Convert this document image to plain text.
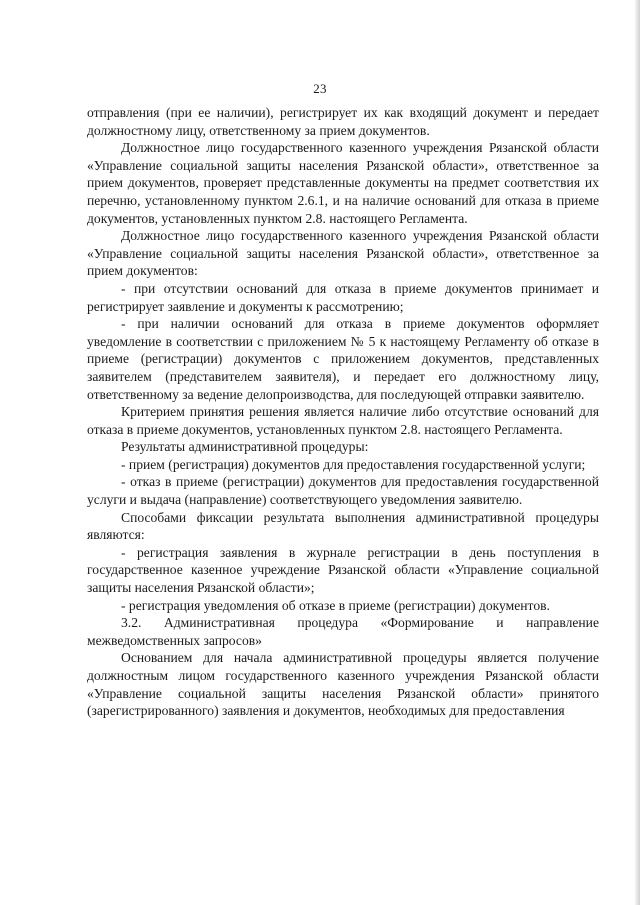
23

отправления (при ее наличии), регистрирует их как входящий документ и передает должностному лицу, ответственному за прием документов.

Должностное лицо государственного казенного учреждения Рязанской области «Управление социальной защиты населения Рязанской области», ответственное за прием документов, проверяет представленные документы на предмет соответствия их перечню, установленному пунктом 2.6.1, и на наличие оснований для отказа в приеме документов, установленных пунктом 2.8. настоящего Регламента.

Должностное лицо государственного казенного учреждения Рязанской области «Управление социальной защиты населения Рязанской области», ответственное за прием документов:

- при отсутствии оснований для отказа в приеме документов принимает и регистрирует заявление и документы к рассмотрению;

- при наличии оснований для отказа в приеме документов оформляет уведомление в соответствии с приложением № 5 к настоящему Регламенту об отказе в приеме (регистрации) документов с приложением документов, представленных заявителем (представителем заявителя), и передает его должностному лицу, ответственному за ведение делопроизводства, для последующей отправки заявителю.

Критерием принятия решения является наличие либо отсутствие оснований для отказа в приеме документов, установленных пунктом 2.8. настоящего Регламента.

Результаты административной процедуры:

- прием (регистрация) документов для предоставления государственной услуги;

- отказ в приеме (регистрации) документов для предоставления государственной услуги и выдача (направление) соответствующего уведомления заявителю.

Способами фиксации результата выполнения административной процедуры являются:

- регистрация заявления в журнале регистрации в день поступления в государственное казенное учреждение Рязанской области «Управление социальной защиты населения Рязанской области»;

- регистрация уведомления об отказе в приеме (регистрации) документов.

3.2. Административная процедура «Формирование и направление межведомственных запросов»

Основанием для начала административной процедуры является получение должностным лицом государственного казенного учреждения Рязанской области «Управление социальной защиты населения Рязанской области» принятого (зарегистрированного) заявления и документов, необходимых для предоставления
